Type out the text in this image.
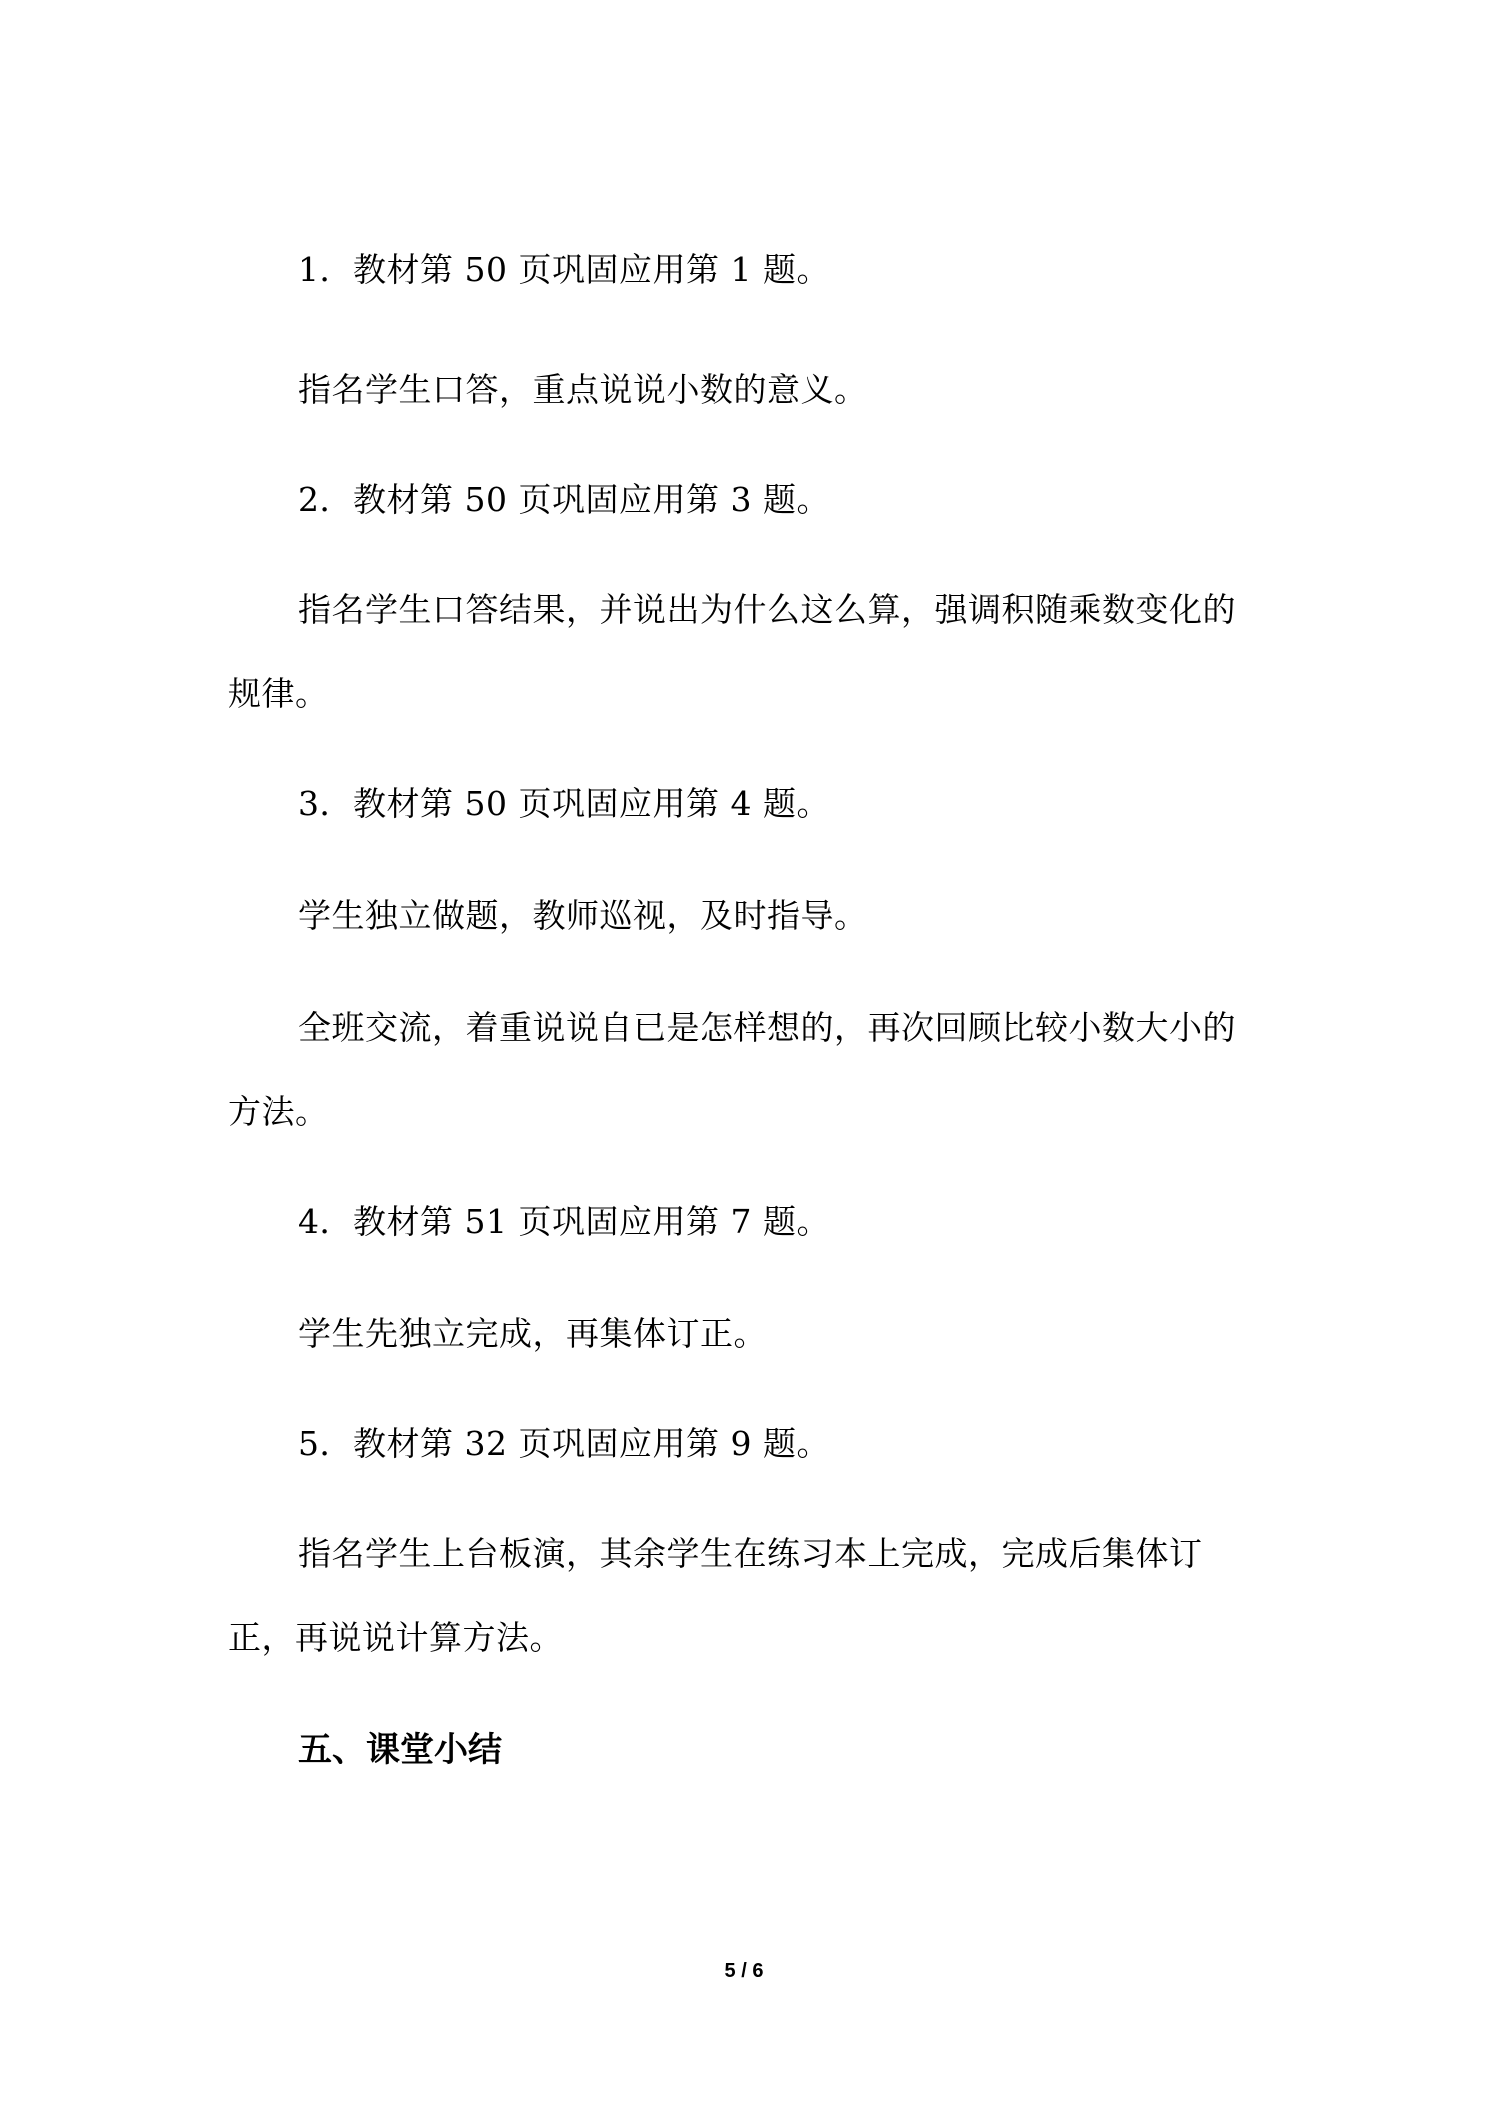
1．教材第 50 页巩固应用第 1 题。

指名学生口答，重点说说小数的意义。

2．教材第 50 页巩固应用第 3 题。

指名学生口答结果，并说出为什么这么算，强调积随乘数变化的规律。

3．教材第 50 页巩固应用第 4 题。

学生独立做题，教师巡视，及时指导。

全班交流，着重说说自已是怎样想的，再次回顾比较小数大小的方法。

4．教材第 51 页巩固应用第 7 题。

学生先独立完成，再集体订正。

5．教材第 32 页巩固应用第 9 题。

指名学生上台板演，其余学生在练习本上完成，完成后集体订正，再说说计算方法。

五、课堂小结
5 / 6
